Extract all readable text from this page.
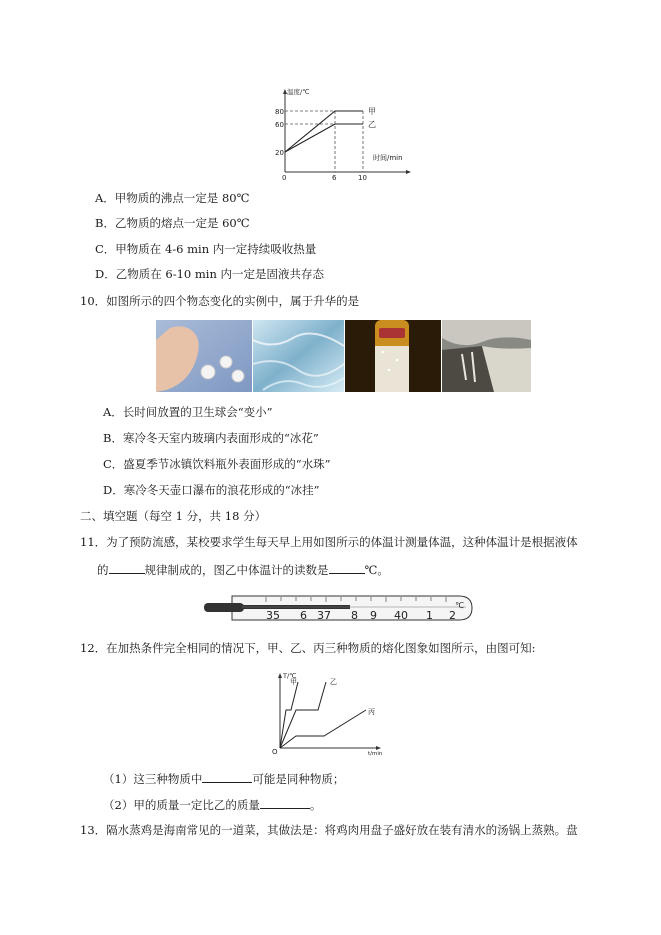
温度/℃
时间/min
80
60
20
0	6	10
甲
乙
A．甲物质的沸点一定是 80℃
B．乙物质的熔点一定是 60℃
C．甲物质在 4-6 min 内一定持续吸收热量
D．乙物质在 6-10 min 内一定是固液共存态
10．如图所示的四个物态变化的实例中，属于升华的是
A．长时间放置的卫生球会“变小”
B．寒冷冬天室内玻璃内表面形成的“冰花”
C．盛夏季节冰镇饮料瓶外表面形成的“水珠”
D．寒冷冬天壶口瀑布的浪花形成的“冰挂”
二、填空题（每空 1 分，共 18 分）
11．为了预防流感，某校要求学生每天早上用如图所示的体温计测量体温，这种体温计是根据液体
的	规律制成的，图乙中体温计的读数是	℃。
35 6 37 8 9 40 1 2
℃
12．在加热条件完全相同的情况下，甲、乙、丙三种物质的熔化图象如图所示，由图可知:
T/℃
t/min
O
甲	乙
丙
（1）这三种物质中	可能是同种物质；
（2）甲的质量一定比乙的质量	。
13．隔水蒸鸡是海南常见的一道菜，其做法是：将鸡肉用盘子盛好放在装有清水的汤锅上蒸熟。盘
